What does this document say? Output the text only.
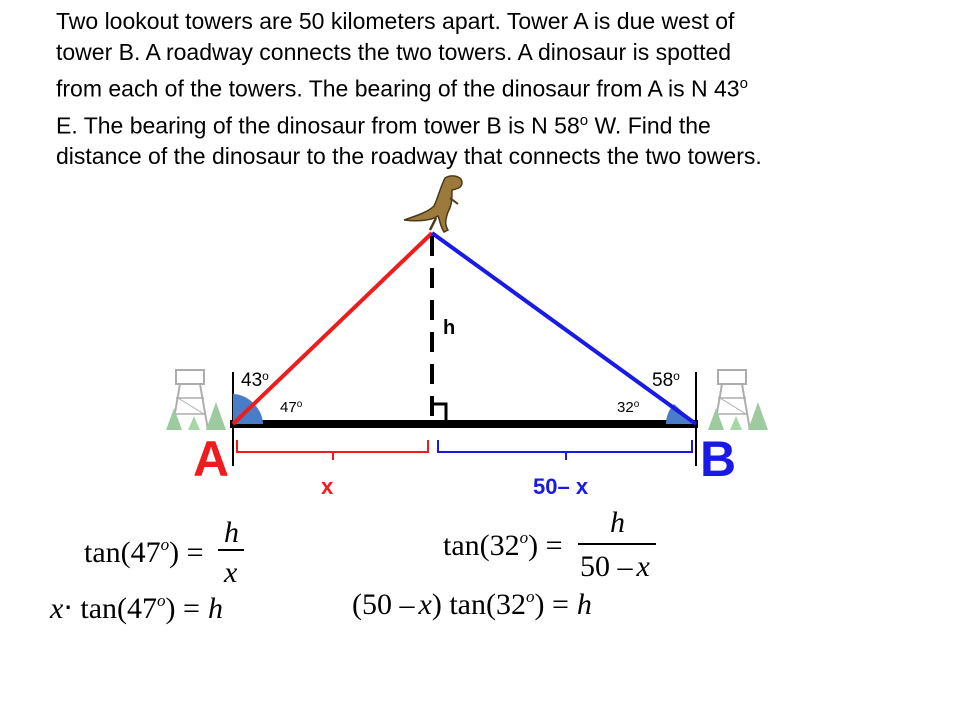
Two lookout towers are 50 kilometers apart. Tower A is due west of
tower B. A roadway connects the two towers. A dinosaur is spotted
from each of the towers. The bearing of the dinosaur from A is N 43$^o$
E. The bearing of the dinosaur from tower B is N 58$^o$ W. Find the
distance of the dinosaur to the roadway that connects the two towers.

A	B
43$^o$	58$^o$
47$^o$	32$^o$
h
x	50– x
$\tan(47^o)$ =
h
x
$\tan(32^o)$ =
h
50 – x
$x\cdot \tan(47^o) = h$	(50 – x) $\tan(32^o) = h$
